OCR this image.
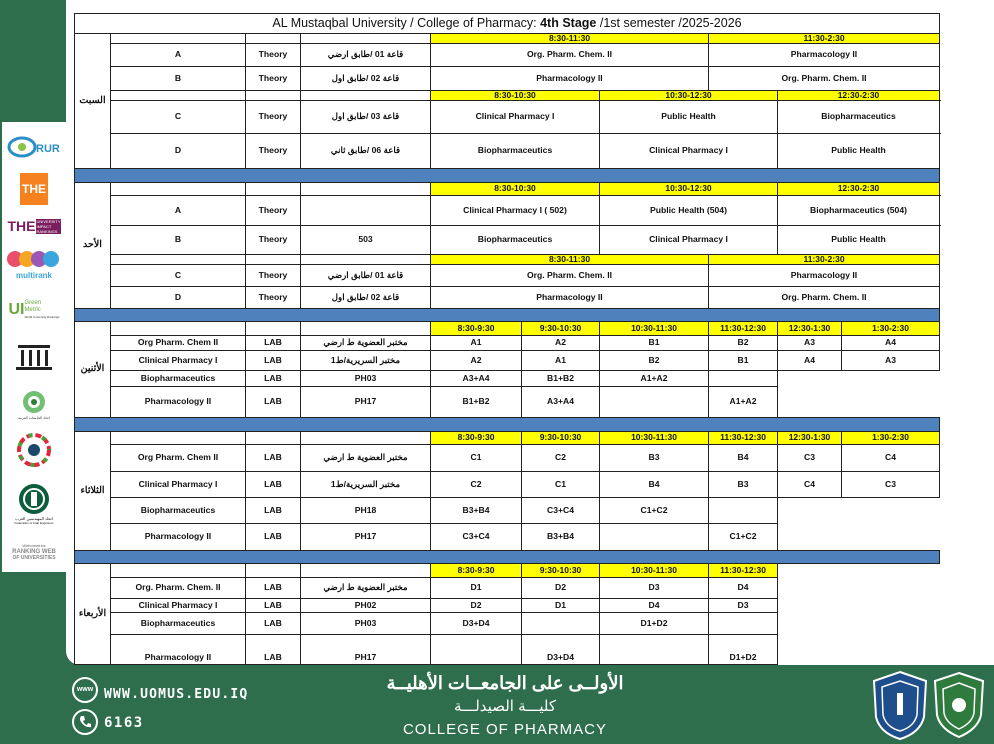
AL Mustaqbal University / College of Pharmacy: 4th Stage /1st semester /2025-2026									
السبت				8:30-11:30			11:30-2:30		
	A	Theory	قاعة 01 /طابق ارضي	Org. Pharm. Chem. II			Pharmacology II		
	B	Theory	قاعة 02 /طابق اول	Pharmacology II			Org. Pharm. Chem. II		
				8:30-10:30		10:30-12:30		12:30-2:30	
	C	Theory	قاعة 03 /طابق اول	Clinical Pharmacy I		Public Health		Biopharmaceutics	
	D	Theory	قاعة 06 /طابق ثاني	Biopharmaceutics		Clinical Pharmacy I		Public Health	

الأحد				8:30-10:30		10:30-12:30		12:30-2:30	
	A	Theory		Clinical Pharmacy I ( 502)		Public Health (504)		Biopharmaceutics (504)	
	B	Theory	503	Biopharmaceutics		Clinical Pharmacy I		Public Health	
				8:30-11:30			11:30-2:30		
	C	Theory	قاعة 01 /طابق ارضي	Org. Pharm. Chem. II			Pharmacology II		
	D	Theory	قاعة 02 /طابق اول	Pharmacology II			Org. Pharm. Chem. II		

الأثنين				8:30-9:30	9:30-10:30	10:30-11:30	11:30-12:30	12:30-1:30	1:30-2:30
	Org Pharm. Chem II	LAB	مختبر العضوية ط ارضي	A1	A2	B1	B2	A3	A4
	Clinical Pharmacy I	LAB	مختبر السريرية/ط1	A2	A1	B2	B1	A4	A3
	Biopharmaceutics	LAB	PH03	A3+A4	B1+B2	A1+A2			
	Pharmacology II	LAB	PH17	B1+B2	A3+A4		A1+A2		

الثلاثاء				8:30-9:30	9:30-10:30	10:30-11:30	11:30-12:30	12:30-1:30	1:30-2:30
	Org Pharm. Chem II	LAB	مختبر العضوية ط ارضي	C1	C2	B3	B4	C3	C4
	Clinical Pharmacy I	LAB	مختبر السريرية/ط1	C2	C1	B4	B3	C4	C3
	Biopharmaceutics	LAB	PH18	B3+B4	C3+C4	C1+C2			
	Pharmacology II	LAB	PH17	C3+C4	B3+B4		C1+C2		

الأربعاء				8:30-9:30	9:30-10:30	10:30-11:30	11:30-12:30		
	Org. Pharm. Chem. II	LAB	مختبر العضوية ط ارضي	D1	D2	D3	D4		
	Clinical Pharmacy I	LAB	PH02	D2	D1	D4	D3		
	Biopharmaceutics	LAB	PH03	D3+D4		D1+D2			
	Pharmacology II	LAB	PH17		D3+D4		D1+D2		
RUR
THE
THE UNIVERSITY
IMPACT
RANKINGS
multirank
UI Green
Metric
World University Rankings
اتحاد الجامعات العربية
اتحاد المهندسين العرب
Federation of Arab Engineers
Webometrics
RANKING WEB
OF UNIVERSITIES
www WWW.UOMUS.EDU.IQ
6163
الأولــى على الجامعــات الأهليــة
كليـــة الصيدلـــة
COLLEGE OF PHARMACY
